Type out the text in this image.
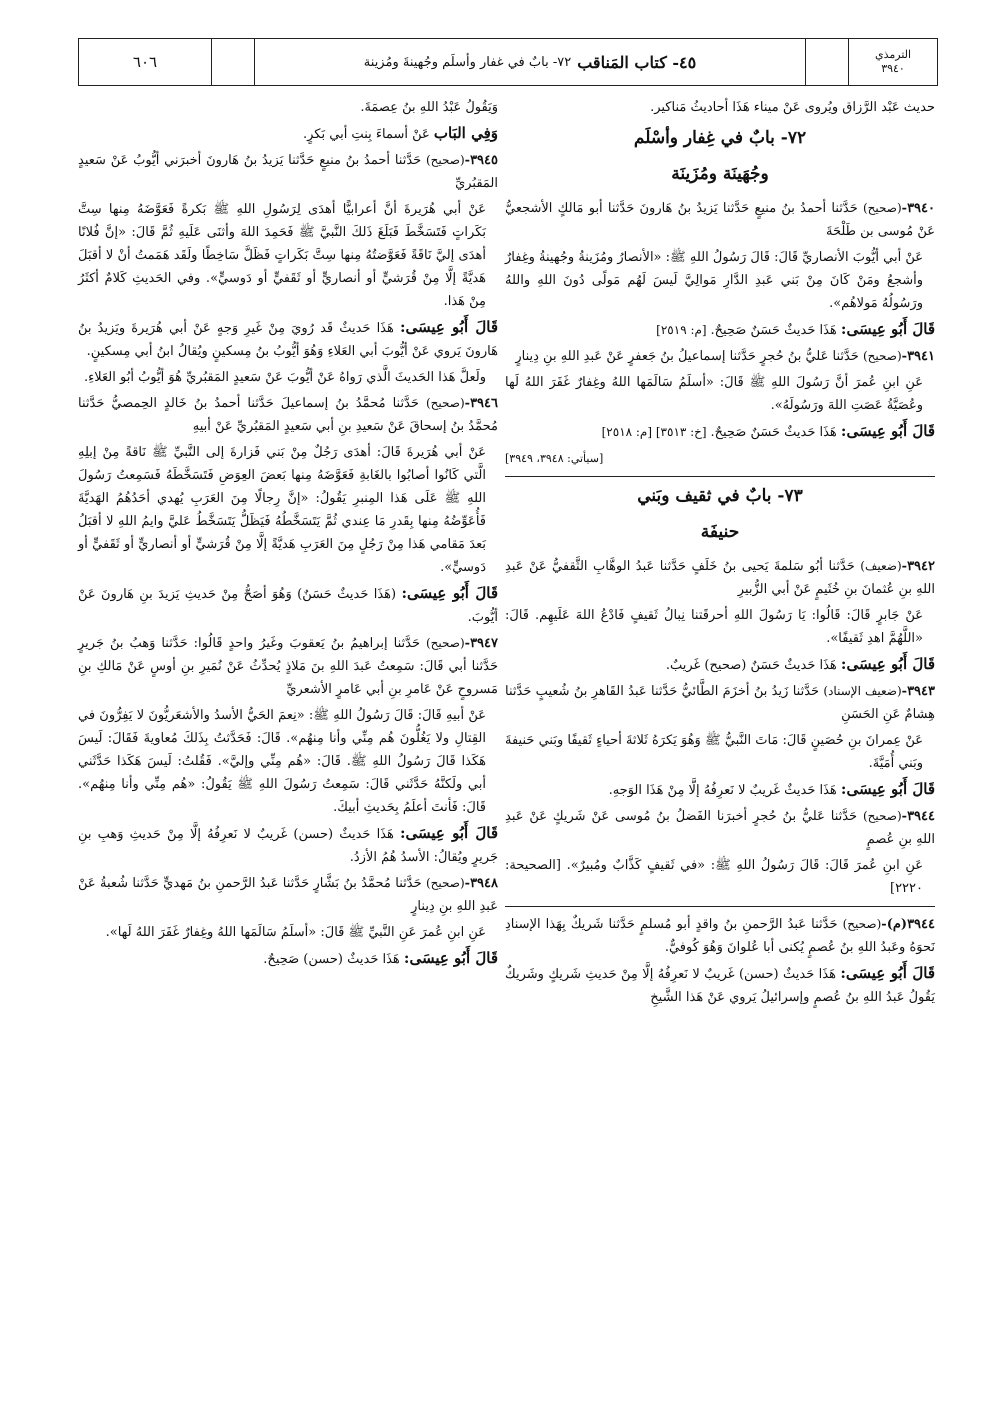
الترمذي
٣٩٤٠
٤٥- كتاب المَناقب
٧٢- بابٌ في غفار وأسلَم وجُهينةَ ومُزينة
٦٠٦

حديث عَبْد الرَّزاق ويُروى عَنْ ميناء هَذَا أحاديثُ مَناكير.

٧٢- بابٌ في غِفار وأسْلَم
وجُهَينَة ومُزَينَة

٣٩٤٠-(صحيح) حَدَّثنا أحمدُ بنُ منيعٍ حَدَّثنا يَزيدُ بنُ هَارونَ حَدَّثنا أبو مَالكٍ الأشجعيُّ عَنْ مُوسى بن طَلْحَةَ

عَنْ أبي أيُّوبَ الأنصاريِّ قَالَ: قَالَ رَسُولُ اللهِ ﷺ: «الأنصارُ ومُزَينةُ وجُهينةُ وغِفارٌ وأشجعُ ومَنْ كَانَ مِنْ بَني عَبدِ الدَّارِ مَوالِيَّ لَيسَ لَهُم مَولًى دُونَ اللهِ واللهُ ورَسُولُهُ مَولاهُم».

قَالَ أَبُو عِيسَى: هَذَا حَديثٌ حَسَنٌ صَحِيحٌ. [م: ٢٥١٩]

٣٩٤١-(صحيح) حَدَّثنا عَليُّ بنُ حُجرٍ حَدَّثنا إسماعيلُ بنُ جَعفرٍ عَنْ عَبدِ اللهِ بنِ دِينارٍ

عَنِ ابنِ عُمرَ أنَّ رَسُولَ اللهِ ﷺ قَالَ: «أسلَمُ سَالَمَها اللهُ وغِفارٌ غَفَرَ اللهُ لَها وعُصَيَّةُ عَصَتِ اللهَ ورَسُولَهُ».

قَالَ أَبُو عِيسَى: هَذَا حَديثٌ حَسَنٌ صَحِيحٌ. [خ: ٣٥١٣] [م: ٢٥١٨]

[سيأتي: ٣٩٤٨، ٣٩٤٩]
٧٣- بابٌ في ثقيف وبَني
حنيفَة

٣٩٤٢-(ضعيف) حَدَّثنا أبُو سَلمةَ يَحيى بنُ خَلَفٍ حَدَّثنا عَبدُ الوهَّابِ الثَّقفيُّ عَنْ عَبدِ اللهِ بنِ عُثمانَ بنِ خُثَيمٍ عَنْ أبي الزُّبيرِ

عَنْ جَابرٍ قَالَ: قَالُوا: يَا رَسُولَ اللهِ أحرقَتنا نِبالُ ثَقيفٍ فَادْعُ اللهَ عَلَيهِم. قَالَ: «اللَّهُمَّ اهدِ ثَقيفًا».

قَالَ أَبُو عِيسَى: هَذَا حَديثٌ حَسَنٌ (صحيح) غَريبٌ.

٣٩٤٣-(ضعيف الإسناد) حَدَّثنا زَيدُ بنُ أخزَمَ الطَّائيُّ حَدَّثنا عَبدُ القَاهرِ بنُ شُعيبٍ حَدَّثنا هِشامٌ عَنِ الحَسَنِ

عَنْ عِمرانَ بنِ حُصَينٍ قَالَ: مَاتَ النَّبيُّ ﷺ وَهُوَ يَكرَهُ ثَلاثةَ أحياءٍ ثَقيفًا وبَني حَنيفةَ وبَني أُمَيَّةَ.

قَالَ أَبُو عِيسَى: هَذَا حَديثٌ غَريبٌ لا نَعرِفُهُ إلَّا مِنْ هَذَا الوَجهِ.

٣٩٤٤-(صحيح) حَدَّثنا عَليُّ بنُ حُجرٍ أخبرَنا الفَضلُ بنُ مُوسى عَنْ شَريكٍ عَنْ عَبدِ اللهِ بنِ عُصمٍ

عَنِ ابنِ عُمرَ قَالَ: قَالَ رَسُولُ اللهِ ﷺ: «في ثَقيفٍ كَذَّابٌ ومُبيرٌ». [الصحيحة: ٢٢٢٠]

٣٩٤٤(م)-(صحيح) حَدَّثنا عَبدُ الرَّحمنِ بنُ واقدٍ أبو مُسلمٍ حَدَّثنا شَريكٌ بِهَذا الإسنادِ نَحوَهُ وعَبدُ اللهِ بنُ عُصمٍ يُكنى أبا عُلوانَ وَهُوَ كُوفيٌّ.

قَالَ أَبُو عِيسَى: هَذَا حَديثٌ (حسن) غَريبٌ لا نَعرِفُهُ إلَّا مِنْ حَديثِ شَريكٍ وشَريكٌ يَقُولُ عَبدُ اللهِ بنُ عُصمٍ وإسرائيلُ يَروي عَنْ هَذا الشَّيخِ

وَيَقُولُ عَبْدُ اللهِ بنُ عِصمَةَ.

وَفِي البَاب عَنْ أسماءَ بِنتِ أبي بَكرٍ.

٣٩٤٥-(صحيح) حَدَّثنا أحمدُ بنُ منيعٍ حَدَّثنا يَزيدُ بنُ هَارونَ أخبرَني أيُّوبُ عَنْ سَعيدٍ المَقبُريِّ

عَنْ أبي هُرَيرةَ أنَّ أعرابيًّا أهدَى لِرَسُولِ اللهِ ﷺ بَكرةً فَعَوَّضَهُ مِنها سِتَّ بَكَراتٍ فَتَسَخَّطَ فَبَلَغَ ذَلكَ النَّبيَّ ﷺ فَحَمِدَ اللهَ وأثنَى عَلَيهِ ثُمَّ قَالَ: «إنَّ فُلانًا أهدَى إليَّ نَاقَةً فَعَوَّضتُهُ مِنها سِتَّ بَكَراتٍ فَظَلَّ سَاخِطًا ولَقَد هَمَمتُ أنْ لا أقبَلَ هَديَّةً إلَّا مِنْ قُرَشيٍّ أو أنصاريٍّ أو ثَقَفيٍّ أو دَوسيٍّ». وفي الحَديثِ كَلامٌ أكثَرُ مِنْ هَذا.

قَالَ أَبُو عِيسَى: هَذَا حَديثٌ قَد رُويَ مِنْ غَيرِ وَجهٍ عَنْ أبي هُرَيرةَ ويَزيدُ بنُ هَارونَ يَروي عَنْ أيُّوبَ أبي العَلاءِ وَهُوَ أيُّوبُ بنُ مِسكينٍ ويُقالُ ابنُ أبي مِسكينٍ.

ولَعلَّ هَذا الحَديثَ الَّذي رَواهُ عَنْ أيُّوبَ عَنْ سَعيدٍ المَقبُريِّ هُوَ أيُّوبُ أبُو العَلاءِ.

٣٩٤٦-(صحيح) حَدَّثنا مُحمَّدُ بنُ إسماعيلَ حَدَّثنا أحمدُ بنُ خَالدٍ الحِمصيُّ حَدَّثنا مُحمَّدُ بنُ إسحاقَ عَنْ سَعيدِ بنِ أبي سَعيدٍ المَقبُريِّ عَنْ أبيهِ

عَنْ أبي هُرَيرةَ قَالَ: أهدَى رَجُلٌ مِنْ بَني فَزارةَ إلى النَّبيِّ ﷺ نَاقةً مِنْ إبلِهِ الَّتي كَانُوا أصابُوا بالغَابةِ فَعَوَّضَهُ مِنها بَعضَ العِوَضِ فَتَسَخَّطَهُ فَسَمِعتُ رَسُولَ اللهِ ﷺ عَلَى هَذا المِنبرِ يَقُولُ: «إنَّ رِجالًا مِنَ العَرَبِ يُهدي أحَدُهُمُ الهَديَّةَ فَأُعَوِّضُهُ مِنها بِقَدرِ مَا عِندي ثُمَّ يَتَسَخَّطُهُ فَيَظَلُّ يَتَسَخَّطُ عَليَّ وايمُ اللهِ لا أقبَلُ بَعدَ مَقامي هَذا مِنْ رَجُلٍ مِنَ العَرَبِ هَديَّةً إلَّا مِنْ قُرَشيٍّ أو أنصاريٍّ أو ثَقَفيٍّ أو دَوسيٍّ».

قَالَ أَبُو عِيسَى: (هَذَا حَديثٌ حَسَنٌ) وَهُوَ أصَحُّ مِنْ حَديثِ يَزيدَ بنِ هَارونَ عَنْ أيُّوبَ.

٣٩٤٧-(صحيح) حَدَّثنا إبراهيمُ بنُ يَعقوبَ وغَيرُ واحدٍ قَالُوا: حَدَّثنا وَهبُ بنُ جَريرٍ حَدَّثنا أبي قَالَ: سَمِعتُ عَبدَ اللهِ بنَ مَلاذٍ يُحدِّثُ عَنْ نُمَيرِ بنِ أوسٍ عَنْ مَالكِ بنِ مَسروحٍ عَنْ عَامرِ بنِ أبي عَامرٍ الأشعريِّ

عَنْ أبيهِ قَالَ: قَالَ رَسُولُ اللهِ ﷺ: «نِعمَ الحَيُّ الأسدُ والأشعَريُّونَ لا يَفِرُّونَ في القِتالِ ولا يَغُلُّونَ هُم مِنِّي وأنا مِنهُم». قَالَ: فَحَدَّثتُ بِذَلكَ مُعاويةَ فَقَالَ: لَيسَ هَكَذا قَالَ رَسُولُ اللهِ ﷺ. قَالَ: «هُم مِنِّي وإليَّ». فَقُلتُ: لَيسَ هَكَذا حَدَّثَني أبي ولَكنَّهُ حَدَّثَني قَالَ: سَمِعتُ رَسُولَ اللهِ ﷺ يَقُولُ: «هُم مِنِّي وأنا مِنهُم». قَالَ: فَأنتَ أعلَمُ بِحَديثِ أبيكَ.

قَالَ أَبُو عِيسَى: هَذَا حَديثٌ (حسن) غَريبٌ لا نَعرِفُهُ إلَّا مِنْ حَديثِ وَهبِ بنِ جَريرٍ ويُقالُ: الأسدُ هُمُ الأزدُ.

٣٩٤٨-(صحيح) حَدَّثنا مُحمَّدُ بنُ بَشَّارٍ حَدَّثنا عَبدُ الرَّحمنِ بنُ مَهديٍّ حَدَّثنا شُعبةُ عَنْ عَبدِ اللهِ بنِ دِينارٍ

عَنِ ابنِ عُمرَ عَنِ النَّبيِّ ﷺ قَالَ: «أسلَمُ سَالَمَها اللهُ وغِفارٌ غَفَرَ اللهُ لَها».

قَالَ أَبُو عِيسَى: هَذَا حَديثٌ (حسن) صَحِيحٌ.
